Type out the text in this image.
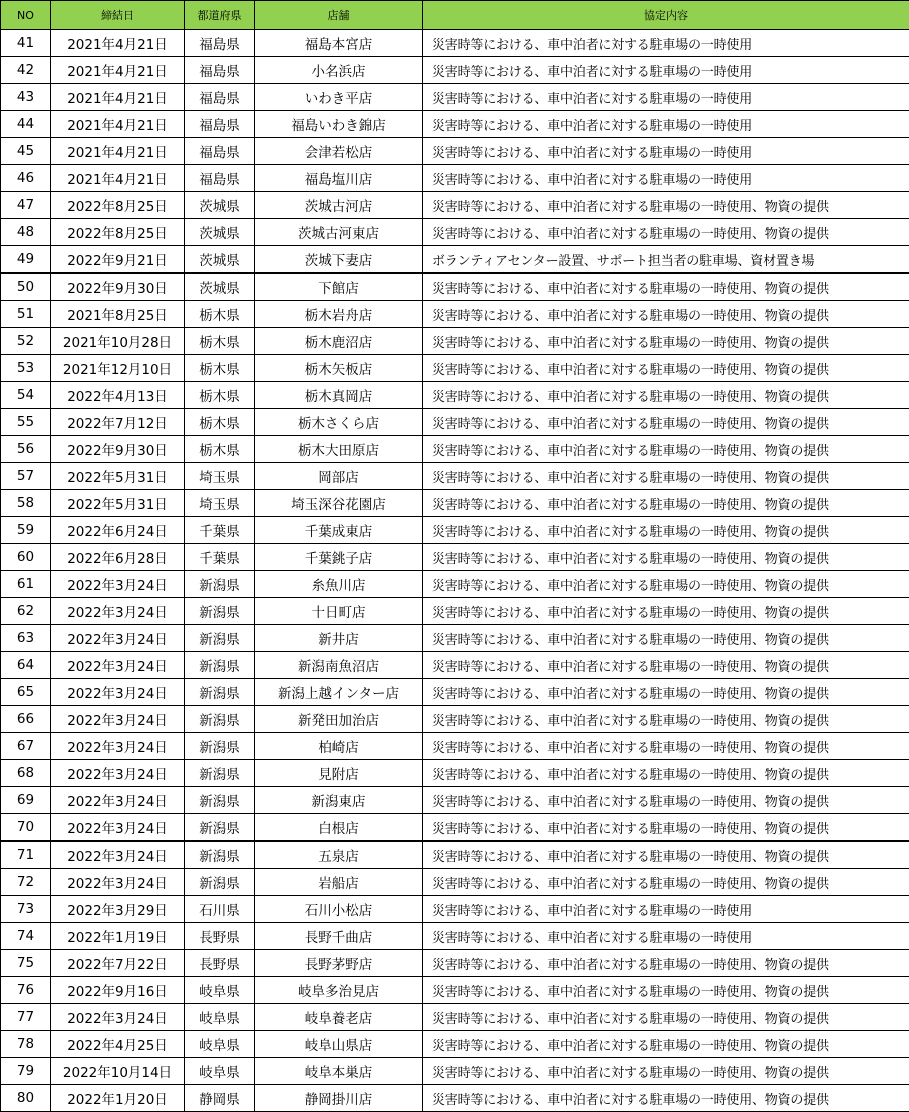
NO	締結日	都道府県	店舗	協定内容
41	2021年4月21日	福島県	福島本宮店	災害時等における、車中泊者に対する駐車場の一時使用
42	2021年4月21日	福島県	小名浜店	災害時等における、車中泊者に対する駐車場の一時使用
43	2021年4月21日	福島県	いわき平店	災害時等における、車中泊者に対する駐車場の一時使用
44	2021年4月21日	福島県	福島いわき錦店	災害時等における、車中泊者に対する駐車場の一時使用
45	2021年4月21日	福島県	会津若松店	災害時等における、車中泊者に対する駐車場の一時使用
46	2021年4月21日	福島県	福島塩川店	災害時等における、車中泊者に対する駐車場の一時使用
47	2022年8月25日	茨城県	茨城古河店	災害時等における、車中泊者に対する駐車場の一時使用、物資の提供
48	2022年8月25日	茨城県	茨城古河東店	災害時等における、車中泊者に対する駐車場の一時使用、物資の提供
49	2022年9月21日	茨城県	茨城下妻店	ボランティアセンター設置、サポート担当者の駐車場、資材置き場
50	2022年9月30日	茨城県	下館店	災害時等における、車中泊者に対する駐車場の一時使用、物資の提供
51	2021年8月25日	栃木県	栃木岩舟店	災害時等における、車中泊者に対する駐車場の一時使用、物資の提供
52	2021年10月28日	栃木県	栃木鹿沼店	災害時等における、車中泊者に対する駐車場の一時使用、物資の提供
53	2021年12月10日	栃木県	栃木矢板店	災害時等における、車中泊者に対する駐車場の一時使用、物資の提供
54	2022年4月13日	栃木県	栃木真岡店	災害時等における、車中泊者に対する駐車場の一時使用、物資の提供
55	2022年7月12日	栃木県	栃木さくら店	災害時等における、車中泊者に対する駐車場の一時使用、物資の提供
56	2022年9月30日	栃木県	栃木大田原店	災害時等における、車中泊者に対する駐車場の一時使用、物資の提供
57	2022年5月31日	埼玉県	岡部店	災害時等における、車中泊者に対する駐車場の一時使用、物資の提供
58	2022年5月31日	埼玉県	埼玉深谷花園店	災害時等における、車中泊者に対する駐車場の一時使用、物資の提供
59	2022年6月24日	千葉県	千葉成東店	災害時等における、車中泊者に対する駐車場の一時使用、物資の提供
60	2022年6月28日	千葉県	千葉銚子店	災害時等における、車中泊者に対する駐車場の一時使用、物資の提供
61	2022年3月24日	新潟県	糸魚川店	災害時等における、車中泊者に対する駐車場の一時使用、物資の提供
62	2022年3月24日	新潟県	十日町店	災害時等における、車中泊者に対する駐車場の一時使用、物資の提供
63	2022年3月24日	新潟県	新井店	災害時等における、車中泊者に対する駐車場の一時使用、物資の提供
64	2022年3月24日	新潟県	新潟南魚沼店	災害時等における、車中泊者に対する駐車場の一時使用、物資の提供
65	2022年3月24日	新潟県	新潟上越インター店	災害時等における、車中泊者に対する駐車場の一時使用、物資の提供
66	2022年3月24日	新潟県	新発田加治店	災害時等における、車中泊者に対する駐車場の一時使用、物資の提供
67	2022年3月24日	新潟県	柏崎店	災害時等における、車中泊者に対する駐車場の一時使用、物資の提供
68	2022年3月24日	新潟県	見附店	災害時等における、車中泊者に対する駐車場の一時使用、物資の提供
69	2022年3月24日	新潟県	新潟東店	災害時等における、車中泊者に対する駐車場の一時使用、物資の提供
70	2022年3月24日	新潟県	白根店	災害時等における、車中泊者に対する駐車場の一時使用、物資の提供
71	2022年3月24日	新潟県	五泉店	災害時等における、車中泊者に対する駐車場の一時使用、物資の提供
72	2022年3月24日	新潟県	岩船店	災害時等における、車中泊者に対する駐車場の一時使用、物資の提供
73	2022年3月29日	石川県	石川小松店	災害時等における、車中泊者に対する駐車場の一時使用
74	2022年1月19日	長野県	長野千曲店	災害時等における、車中泊者に対する駐車場の一時使用
75	2022年7月22日	長野県	長野茅野店	災害時等における、車中泊者に対する駐車場の一時使用、物資の提供
76	2022年9月16日	岐阜県	岐阜多治見店	災害時等における、車中泊者に対する駐車場の一時使用、物資の提供
77	2022年3月24日	岐阜県	岐阜養老店	災害時等における、車中泊者に対する駐車場の一時使用、物資の提供
78	2022年4月25日	岐阜県	岐阜山県店	災害時等における、車中泊者に対する駐車場の一時使用、物資の提供
79	2022年10月14日	岐阜県	岐阜本巣店	災害時等における、車中泊者に対する駐車場の一時使用、物資の提供
80	2022年1月20日	静岡県	静岡掛川店	災害時等における、車中泊者に対する駐車場の一時使用、物資の提供
